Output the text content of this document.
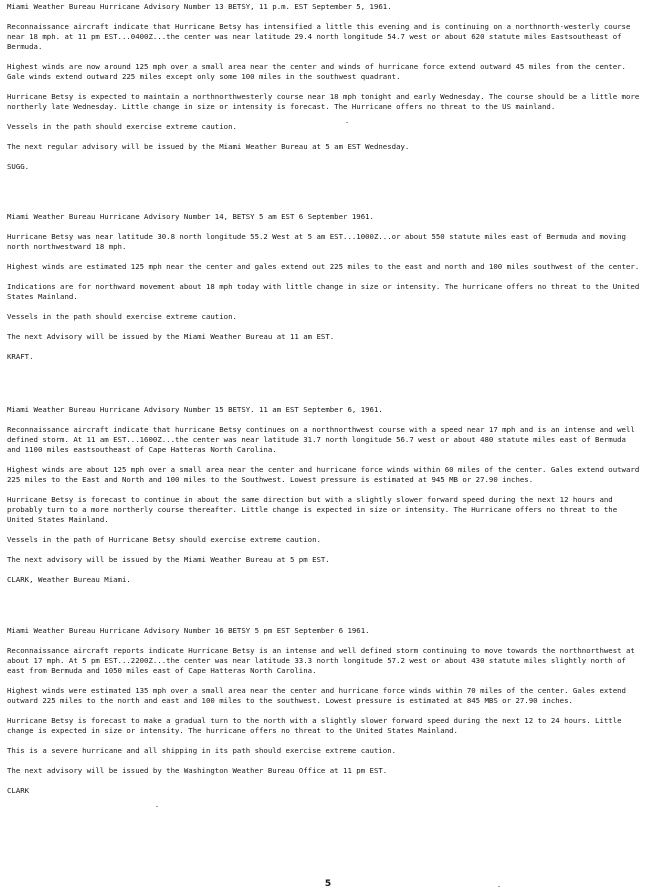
Miami Weather Bureau Hurricane Advisory Number 13 BETSY, 11 p.m. EST September 5, 1961.

Reconnaissance aircraft indicate that Hurricane Betsy has intensified a little this evening and is continuing on a northnorth-westerly course near 18 mph. at 11 pm EST...0400Z...the center was near latitude 29.4 north longitude 54.7 west or about 620 statute miles Eastsoutheast of Bermuda.

Highest winds are now around 125 mph over a small area near the center and winds of hurricane force extend outward 45 miles from the center. Gale winds extend outward 225 miles except only some 100 miles in the southwest quadrant.

Hurricane Betsy is expected to maintain a northnorthwesterly course near 18 mph tonight and early Wednesday. The course should be a little more northerly late Wednesday. Little change in size or intensity is forecast. The Hurricane offers no threat to the US mainland.

Vessels in the path should exercise extreme caution.

The next regular advisory will be issued by the Miami Weather Bureau at 5 am EST Wednesday.

SUGG.

Miami Weather Bureau Hurricane Advisory Number 14, BETSY 5 am EST 6 September 1961.

Hurricane Betsy was near latitude 30.8 north longitude 55.2 West at 5 am EST...1000Z...or about 550 statute miles east of Bermuda and moving north northwestward 18 mph.

Highest winds are estimated 125 mph near the center and gales extend out 225 miles to the east and north and 100 miles southwest of the center.

Indications are for northward movement about 18 mph today with little change in size or intensity. The hurricane offers no threat to the United States Mainland.

Vessels in the path should exercise extreme caution.

The next Advisory will be issued by the Miami Weather Bureau at 11 am EST.

KRAFT.

Miami Weather Bureau Hurricane Advisory Number 15 BETSY. 11 am EST September 6, 1961.

Reconnaissance aircraft indicate that hurricane Betsy continues on a northnorthwest course with a speed near 17 mph and is an intense and well defined storm. At 11 am EST...1600Z...the center was near latitude 31.7 north longitude 56.7 west or about 480 statute miles east of Bermuda and 1100 miles eastsoutheast of Cape Hatteras North Carolina.

Highest winds are about 125 mph over a small area near the center and hurricane force winds within 60 miles of the center. Gales extend outward 225 miles to the East and North and 100 miles to the Southwest. Lowest pressure is estimated at 945 MB or 27.90 inches.

Hurricane Betsy is forecast to continue in about the same direction but with a slightly slower forward speed during the next 12 hours and probably turn to a more northerly course thereafter. Little change is expected in size or intensity. The Hurricane offers no threat to the United States Mainland.

Vessels in the path of Hurricane Betsy should exercise extreme caution.

The next advisory will be issued by the Miami Weather Bureau at 5 pm EST.

CLARK, Weather Bureau Miami.

Miami Weather Bureau Hurricane Advisory Number 16 BETSY 5 pm EST September 6 1961.

Reconnaissance aircraft reports indicate Hurricane Betsy is an intense and well defined storm continuing to move towards the northnorthwest at about 17 mph. At 5 pm EST...2200Z...the center was near latitude 33.3 north longitude 57.2 west or about 430 statute miles slightly north of east from Bermuda and 1050 miles east of Cape Hatteras North Carolina.

Highest winds were estimated 135 mph over a small area near the center and hurricane force winds within 70 miles of the center. Gales extend outward 225 miles to the north and east and 100 miles to the southwest. Lowest pressure is estimated at 845 MBS or 27.90 inches.

Hurricane Betsy is forecast to make a gradual turn to the north with a slightly slower forward speed during the next 12 to 24 hours. Little change is expected in size or intensity. The hurricane offers no threat to the United States Mainland.

This is a severe hurricane and all shipping in its path should exercise extreme caution.

The next advisory will be issued by the Washington Weather Bureau Office at 11 pm EST.

CLARK

5
